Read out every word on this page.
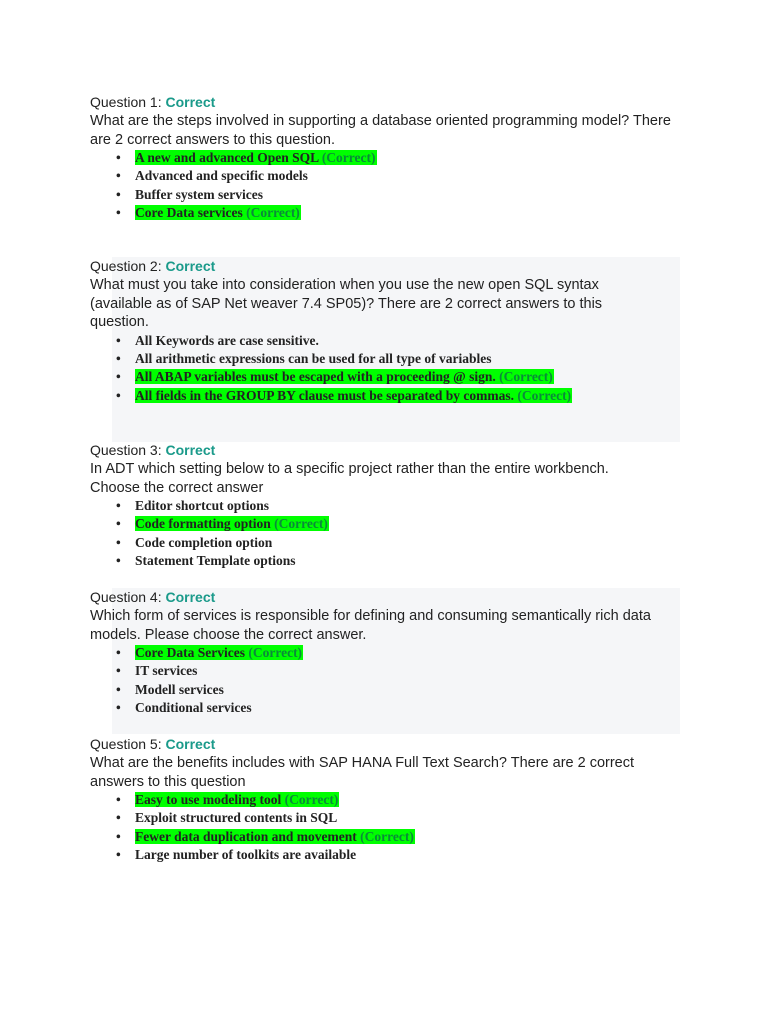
Question 1: Correct

What are the steps involved in supporting a database oriented programming model? There are 2 correct answers to this question.

• A new and advanced Open SQL (Correct)
• Advanced and specific models
• Buffer system services
• Core Data services (Correct)

Question 2: Correct

What must you take into consideration when you use the new open SQL syntax (available as of SAP Net weaver 7.4 SP05)? There are 2 correct answers to this question.

• All Keywords are case sensitive.
• All arithmetic expressions can be used for all type of variables
• All ABAP variables must be escaped with a proceeding @ sign. (Correct)
• All fields in the GROUP BY clause must be separated by commas. (Correct)

Question 3: Correct

In ADT which setting below to a specific project rather than the entire workbench. Choose the correct answer

• Editor shortcut options
• Code formatting option (Correct)
• Code completion option
• Statement Template options

Question 4: Correct

Which form of services is responsible for defining and consuming semantically rich data models. Please choose the correct answer.

• Core Data Services (Correct)
• IT services
• Modell services
• Conditional services

Question 5: Correct

What are the benefits includes with SAP HANA Full Text Search? There are 2 correct answers to this question

• Easy to use modeling tool (Correct)
• Exploit structured contents in SQL
• Fewer data duplication and movement (Correct)
• Large number of toolkits are available
